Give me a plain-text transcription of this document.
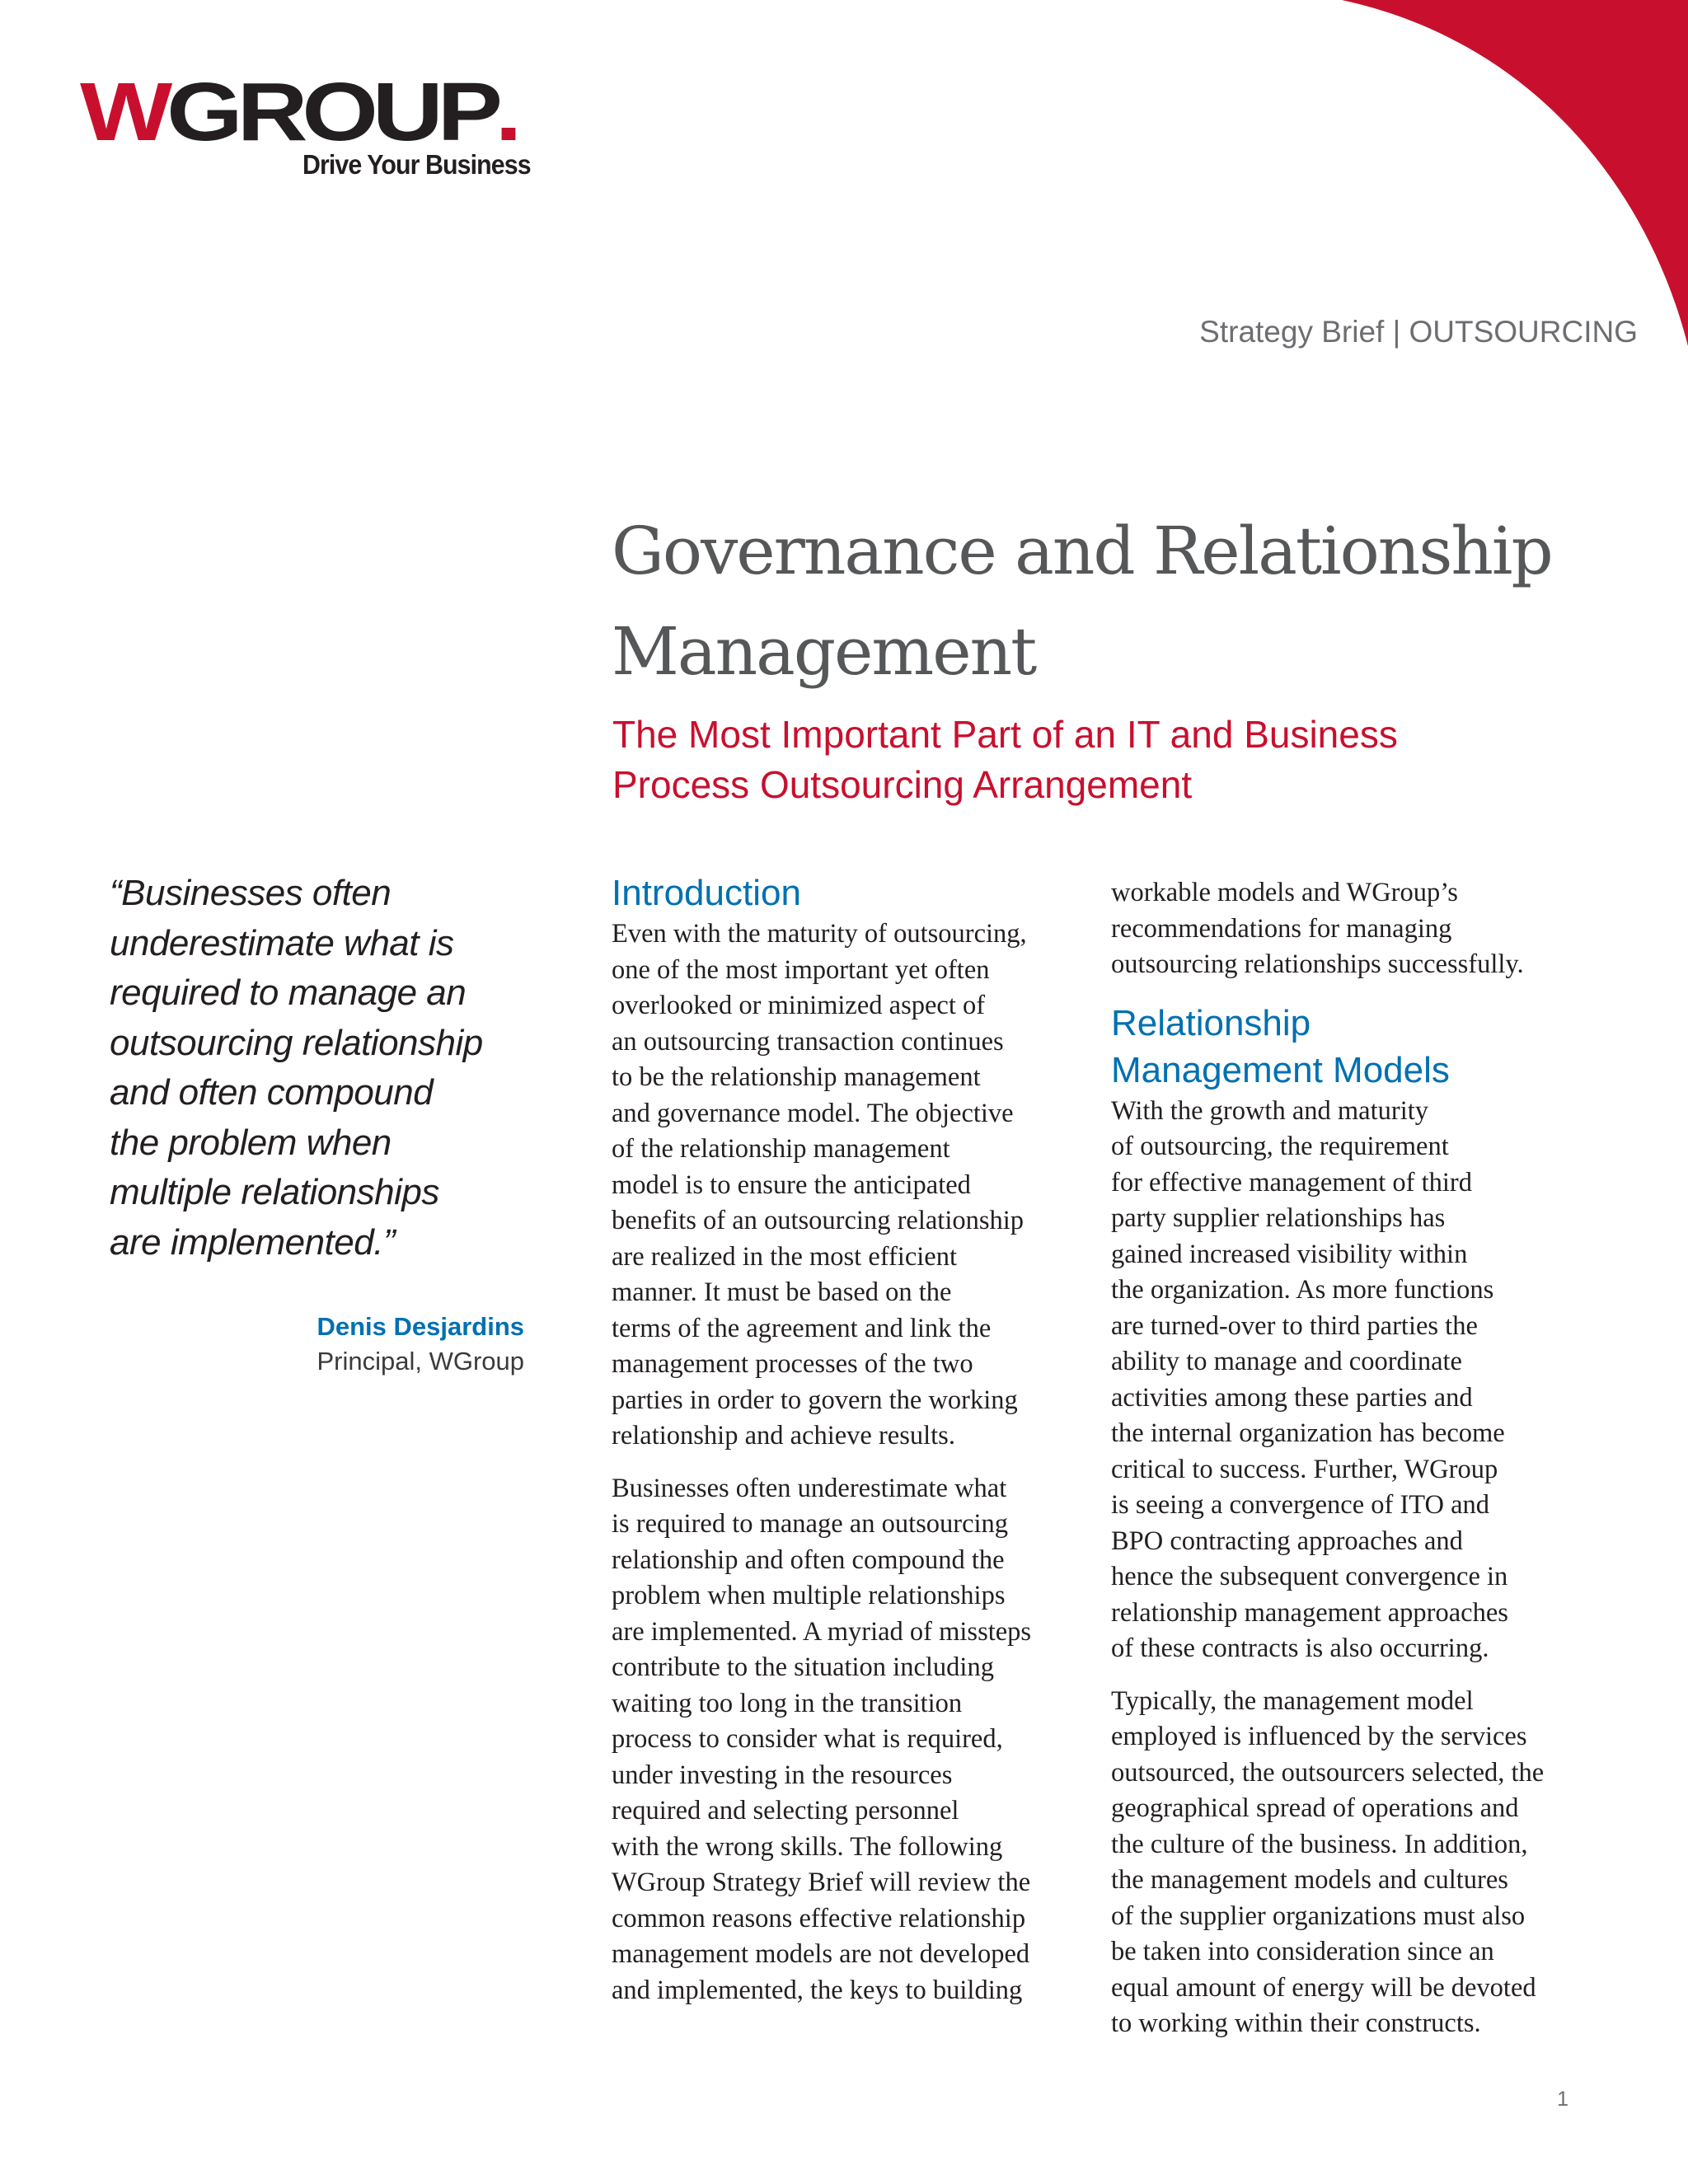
WGROUP.
Drive Your Business
Strategy Brief | OUTSOURCING
Governance and Relationship
Management
The Most Important Part of an IT and Business
Process Outsourcing Arrangement

“Businesses often
underestimate what is
required to manage an
outsourcing relationship
and often compound
the problem when
multiple relationships
are implemented.”

Denis Desjardins
Principal, WGroup
Introduction

Even with the maturity of outsourcing,
one of the most important yet often
overlooked or minimized aspect of
an outsourcing transaction continues
to be the relationship management
and governance model. The objective
of the relationship management
model is to ensure the anticipated
benefits of an outsourcing relationship
are realized in the most efficient
manner. It must be based on the
terms of the agreement and link the
management processes of the two
parties in order to govern the working
relationship and achieve results.

Businesses often underestimate what
is required to manage an outsourcing
relationship and often compound the
problem when multiple relationships
are implemented. A myriad of missteps
contribute to the situation including
waiting too long in the transition
process to consider what is required,
under investing in the resources
required and selecting personnel
with the wrong skills. The following
WGroup Strategy Brief will review the
common reasons effective relationship
management models are not developed
and implemented, the keys to building

workable models and WGroup’s
recommendations for managing
outsourcing relationships successfully.

Relationship
Management Models

With the growth and maturity
of outsourcing, the requirement
for effective management of third
party supplier relationships has
gained increased visibility within
the organization. As more functions
are turned-over to third parties the
ability to manage and coordinate
activities among these parties and
the internal organization has become
critical to success. Further, WGroup
is seeing a convergence of ITO and
BPO contracting approaches and
hence the subsequent convergence in
relationship management approaches
of these contracts is also occurring.

Typically, the management model
employed is influenced by the services
outsourced, the outsourcers selected, the
geographical spread of operations and
the culture of the business. In addition,
the management models and cultures
of the supplier organizations must also
be taken into consideration since an
equal amount of energy will be devoted
to working within their constructs.

1
